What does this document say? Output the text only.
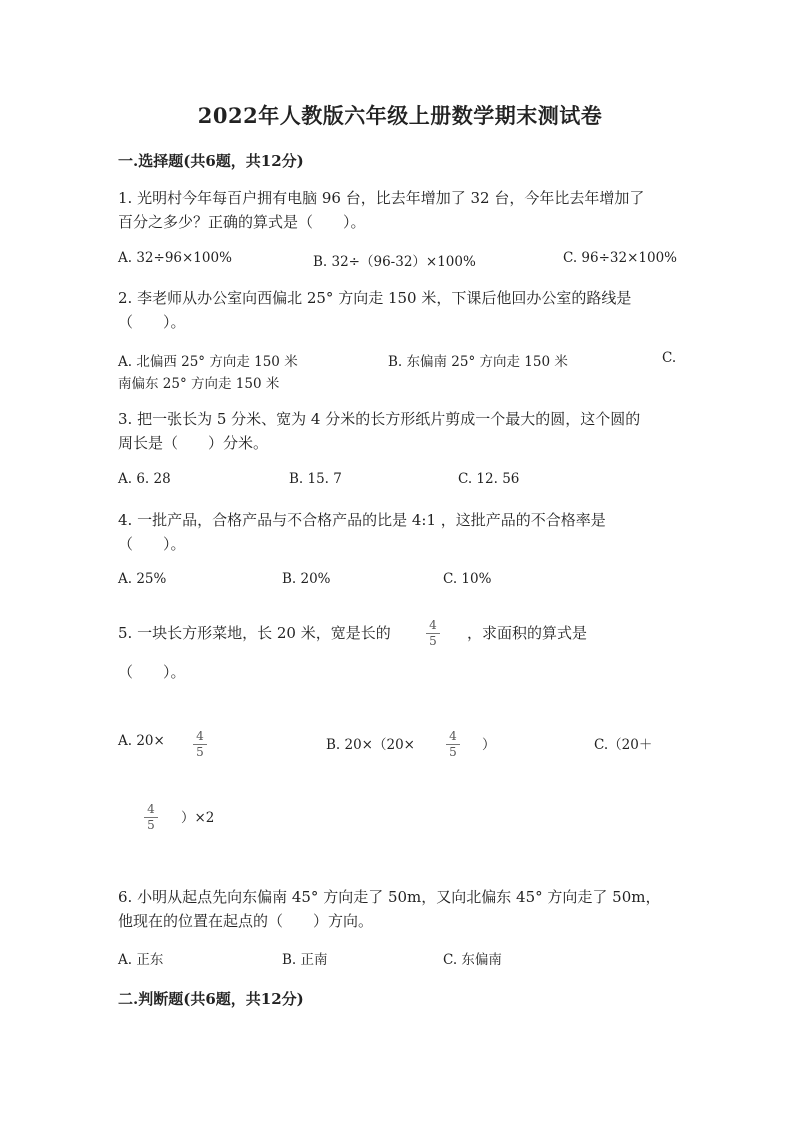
2022年人教版六年级上册数学期末测试卷
一.选择题(共6题，共12分)
1. 光明村今年每百户拥有电脑 96 台，比去年增加了 32 台，今年比去年增加了
百分之多少？正确的算式是（　　）。
A. 32÷96×100%	B. 32÷（96-32）×100%	C. 96÷32×100%
2. 李老师从办公室向西偏北 25° 方向走 150 米，下课后他回办公室的路线是
（　　）。
A. 北偏西 25° 方向走 150 米	B. 东偏南 25° 方向走 150 米	C.
南偏东 25° 方向走 150 米
3. 把一张长为 5 分米、宽为 4 分米的长方形纸片剪成一个最大的圆，这个圆的
周长是（　　）分米。
A. 6. 28	B. 15. 7	C. 12. 56
4. 一批产品，合格产品与不合格产品的比是 4:1 ，这批产品的不合格率是
（　　）。
A. 25%	B. 20%	C. 10%
5. 一块长方形菜地，长 20 米，宽是长的	4
5 ，求面积的算式是
（　　）。
A. 20×	4
5	B. 20×（20×
4
5 ）	C.（20＋
4
5 ）×2
6. 小明从起点先向东偏南 45° 方向走了 50m，又向北偏东 45° 方向走了 50m，
他现在的位置在起点的（　　）方向。
A. 正东	B. 正南	C. 东偏南
二.判断题(共6题，共12分)
